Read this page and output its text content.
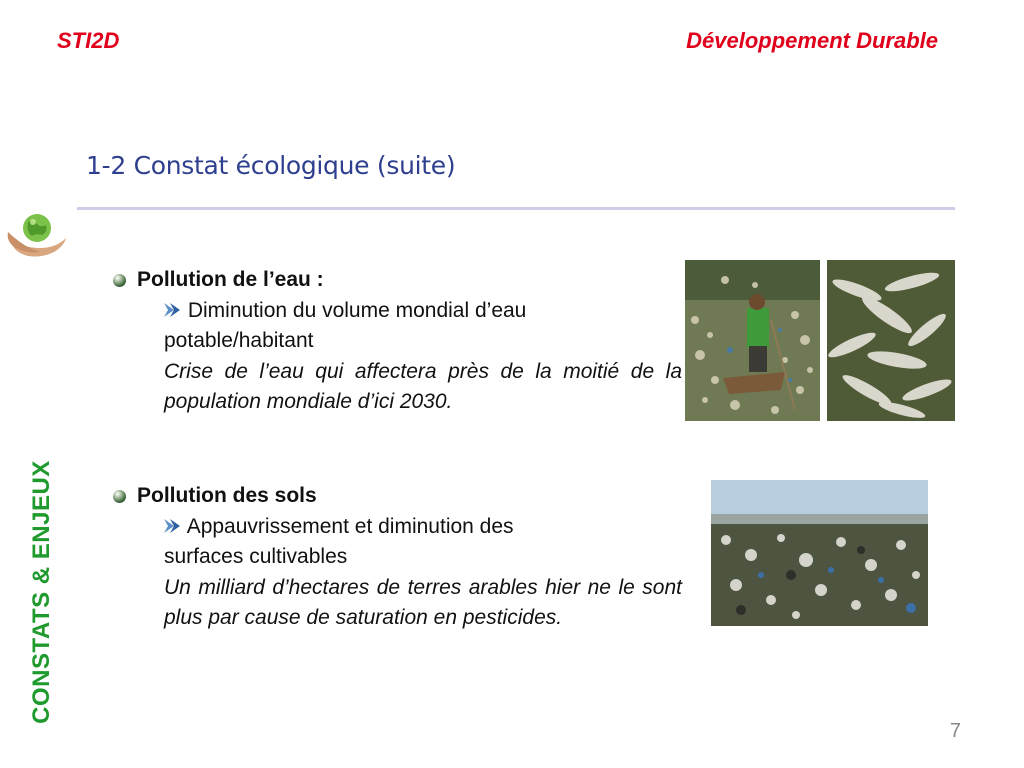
STI2D	Développement Durable
1-2 Constat écologique (suite)
CONSTATS & ENJEUX
Pollution de l’eau :
Diminution du volume mondial d’eau
potable/habitant
Crise de l’eau qui affectera près de la moitié de la population mondiale d’ici 2030.
Pollution des sols
Appauvrissement et diminution des
surfaces cultivables
Un milliard d’hectares de terres arables hier ne le sont plus par cause de saturation en pesticides.
7
